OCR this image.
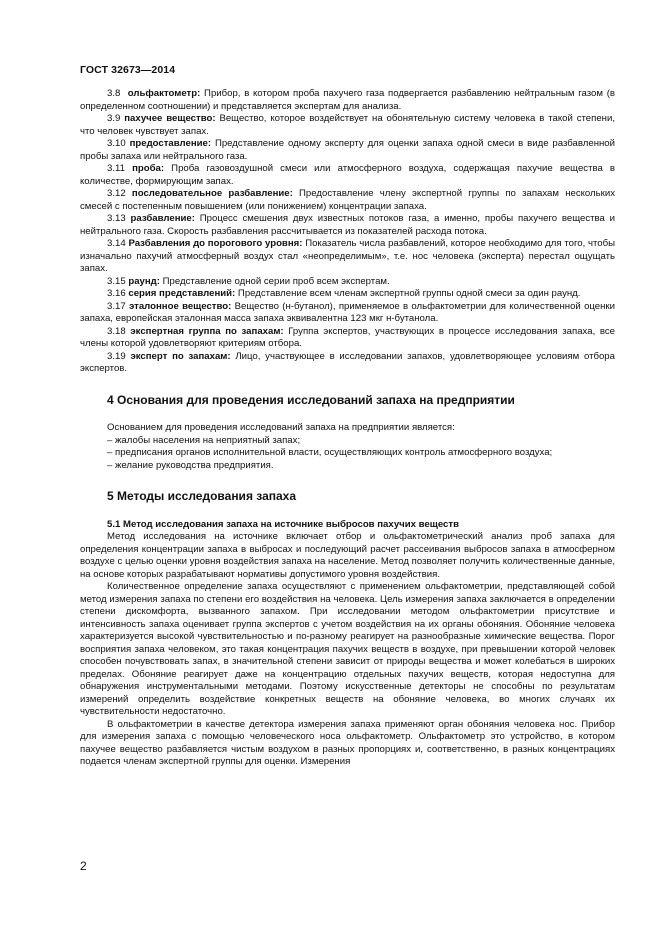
ГОСТ 32673—2014

3.8 ольфактометр: Прибор, в котором проба пахучего газа подвергается разбавлению нейтральным газом (в определенном соотношении) и представляется экспертам для анализа.

3.9 пахучее вещество: Вещество, которое воздействует на обонятельную систему человека в такой степени, что человек чувствует запах.

3.10 предоставление: Представление одному эксперту для оценки запаха одной смеси в виде разбавленной пробы запаха или нейтрального газа.

3.11 проба: Проба газовоздушной смеси или атмосферного воздуха, содержащая пахучие вещества в количестве, формирующим запах.

3.12 последовательное разбавление: Предоставление члену экспертной группы по запахам нескольких смесей с постепенным повышением (или понижением) концентрации запаха.

3.13 разбавление: Процесс смешения двух известных потоков газа, а именно, пробы пахучего вещества и нейтрального газа. Скорость разбавления рассчитывается из показателей расхода потока.

3.14 Разбавления до порогового уровня: Показатель числа разбавлений, которое необходимо для того, чтобы изначально пахучий атмосферный воздух стал «неопределимым», т.е. нос человека (эксперта) перестал ощущать запах.

3.15 раунд: Представление одной серии проб всем экспертам.

3.16 серия представлений: Представление всем членам экспертной группы одной смеси за один раунд.

3.17 эталонное вещество: Вещество (н-бутанол), применяемое в ольфактометрии для количественной оценки запаха, европейская эталонная масса запаха эквивалентна 123 мкг н-бутанола.

3.18 экспертная группа по запахам: Группа экспертов, участвующих в процессе исследования запаха, все члены которой удовлетворяют критериям отбора.

3.19 эксперт по запахам: Лицо, участвующее в исследовании запахов, удовлетворяющее условиям отбора экспертов.

4 Основания для проведения исследований запаха на предприятии

Основанием для проведения исследований запаха на предприятии является:

– жалобы населения на неприятный запах;

– предписания органов исполнительной власти, осуществляющих контроль атмосферного воздуха;

– желание руководства предприятия.

5 Методы исследования запаха

5.1 Метод исследования запаха на источнике выбросов пахучих веществ

Метод исследования на источнике включает отбор и ольфактометрический анализ проб запаха для определения концентрации запаха в выбросах и последующий расчет рассеивания выбросов запаха в атмосферном воздухе с целью оценки уровня воздействия запаха на население. Метод позволяет получить количественные данные, на основе которых разрабатывают нормативы допустимого уровня воздействия.

Количественное определение запаха осуществляют с применением ольфактометрии, представляющей собой метод измерения запаха по степени его воздействия на человека. Цель измерения запаха заключается в определении степени дискомфорта, вызванного запахом. При исследовании методом ольфактометрии присутствие и интенсивность запаха оценивает группа экспертов с учетом воздействия на их органы обоняния. Обоняние человека характеризуется высокой чувствительностью и по-разному реагирует на разнообразные химические вещества. Порог восприятия запаха человеком, это такая концентрация пахучих веществ в воздухе, при превышении которой человек способен почувствовать запах, в значительной степени зависит от природы вещества и может колебаться в широких пределах. Обоняние реагирует даже на концентрацию отдельных пахучих веществ, которая недоступна для обнаружения инструментальными методами. Поэтому искусственные детекторы не способны по результатам измерений определить воздействие конкретных веществ на обоняние человека, во многих случаях их чувствительности недостаточно.

В ольфактометрии в качестве детектора измерения запаха применяют орган обоняния человека нос. Прибор для измерения запаха с помощью человеческого носа ольфактометр. Ольфактометр это устройство, в котором пахучее вещество разбавляется чистым воздухом в разных пропорциях и, соответственно, в разных концентрациях подается членам экспертной группы для оценки. Измерения

2
